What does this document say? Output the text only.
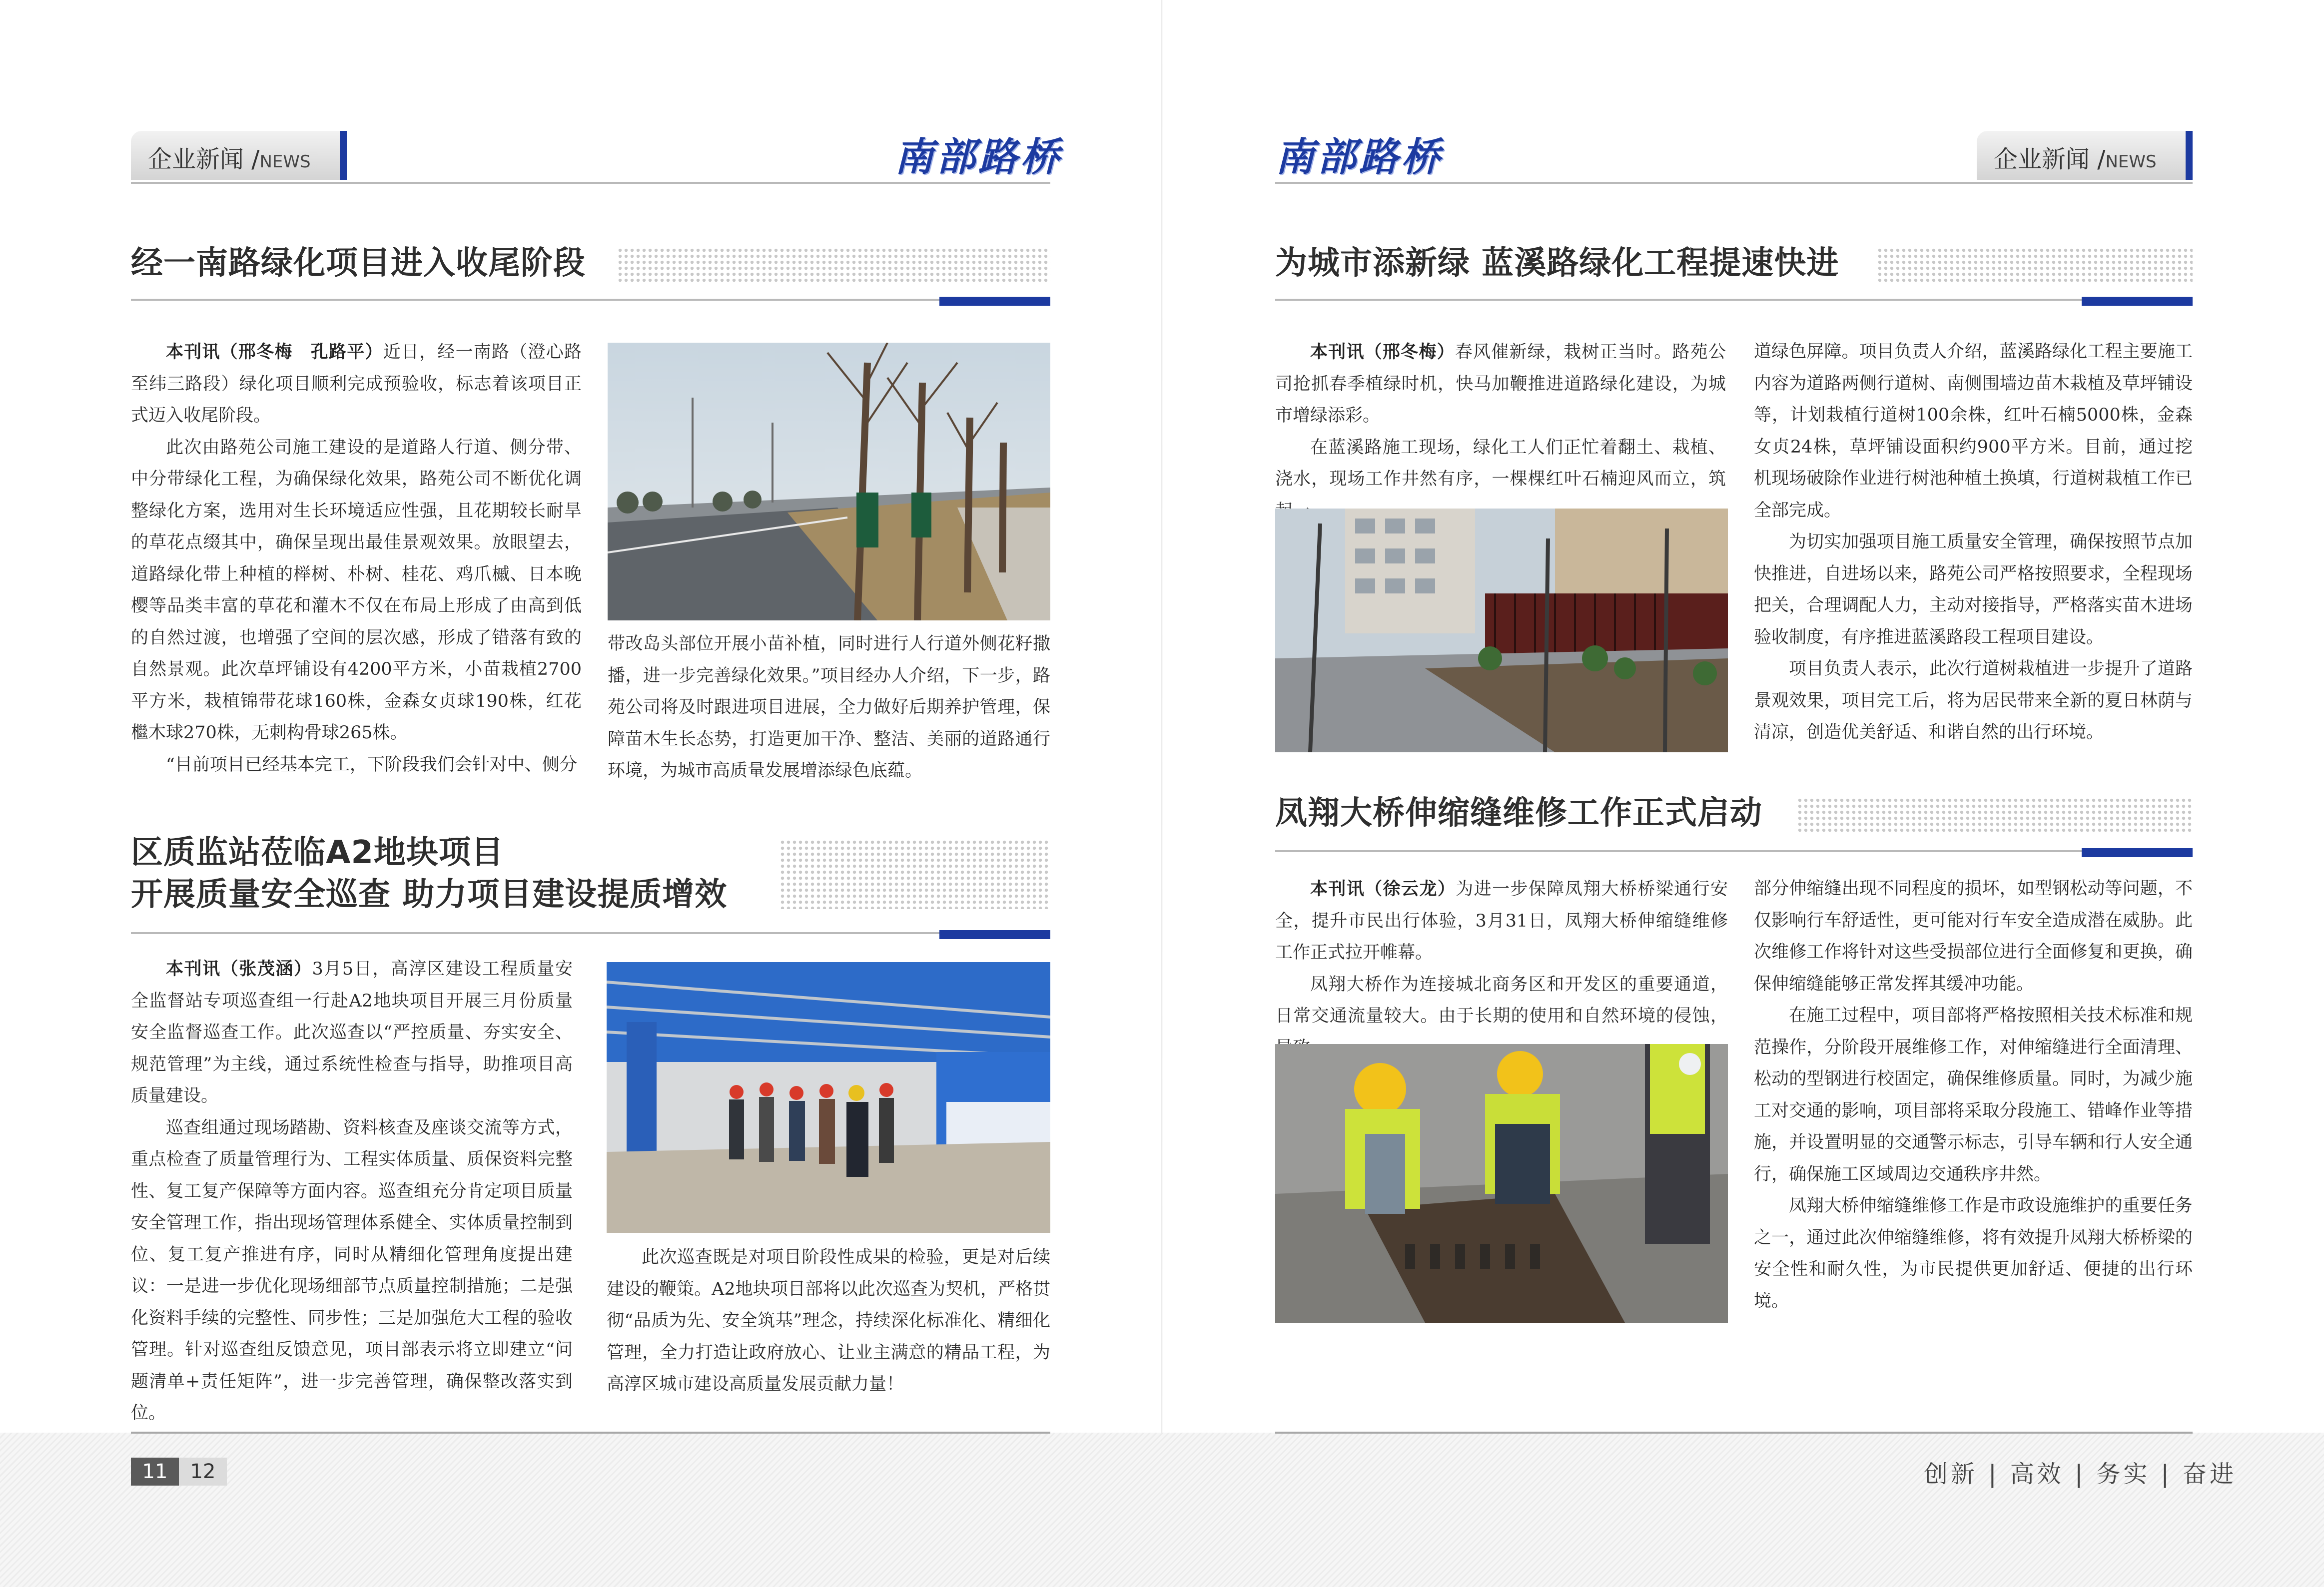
企业新闻 /NEWS	南部路桥
经一南路绿化项目进入收尾阶段

本刊讯（邢冬梅　孔路平）近日，经一南路（澄心路至纬三路段）绿化项目顺利完成预验收，标志着该项目正式迈入收尾阶段。

此次由路苑公司施工建设的是道路人行道、侧分带、中分带绿化工程，为确保绿化效果，路苑公司不断优化调整绿化方案，选用对生长环境适应性强，且花期较长耐旱的草花点缀其中，确保呈现出最佳景观效果。放眼望去，道路绿化带上种植的榉树、朴树、桂花、鸡爪槭、日本晚樱等品类丰富的草花和灌木不仅在布局上形成了由高到低的自然过渡，也增强了空间的层次感，形成了错落有致的自然景观。此次草坪铺设有4200平方米，小苗栽植2700平方米，栽植锦带花球160株，金森女贞球190株，红花檵木球270株，无刺构骨球265株。

“目前项目已经基本完工，下阶段我们会针对中、侧分

带改岛头部位开展小苗补植，同时进行人行道外侧花籽撒播，进一步完善绿化效果。”项目经办人介绍，下一步，路苑公司将及时跟进项目进展，全力做好后期养护管理，保障苗木生长态势，打造更加干净、整洁、美丽的道路通行环境，为城市高质量发展增添绿色底蕴。

区质监站莅临A2地块项目
开展质量安全巡查 助力项目建设提质增效

本刊讯（张茂涵）3月5日，高淳区建设工程质量安全监督站专项巡查组一行赴A2地块项目开展三月份质量安全监督巡查工作。此次巡查以“严控质量、夯实安全、规范管理”为主线，通过系统性检查与指导，助推项目高质量建设。

巡查组通过现场踏勘、资料核查及座谈交流等方式，重点检查了质量管理行为、工程实体质量、质保资料完整性、复工复产保障等方面内容。巡查组充分肯定项目质量安全管理工作，指出现场管理体系健全、实体质量控制到位、复工复产推进有序，同时从精细化管理角度提出建议：一是进一步优化现场细部节点质量控制措施；二是强化资料手续的完整性、同步性；三是加强危大工程的验收管理。针对巡查组反馈意见，项目部表示将立即建立“问题清单+责任矩阵”，进一步完善管理，确保整改落实到位。

此次巡查既是对项目阶段性成果的检验，更是对后续建设的鞭策。A2地块项目部将以此次巡查为契机，严格贯彻“品质为先、安全筑基”理念，持续深化标准化、精细化管理，全力打造让政府放心、让业主满意的精品工程，为高淳区城市建设高质量发展贡献力量！

南部路桥	企业新闻 /NEWS
为城市添新绿 蓝溪路绿化工程提速快进

本刊讯（邢冬梅）春风催新绿，栽树正当时。路苑公司抢抓春季植绿时机，快马加鞭推进道路绿化建设，为城市增绿添彩。

在蓝溪路施工现场，绿化工人们正忙着翻土、栽植、浇水，现场工作井然有序，一棵棵红叶石楠迎风而立，筑

道绿色屏障。项目负责人介绍，蓝溪路绿化工程主要施工内容为道路两侧行道树、南侧围墙边苗木栽植及草坪铺设等，计划栽植行道树100余株，红叶石楠5000株，金森女贞24株，草坪铺设面积约900平方米。目前，通过挖机现场破除作业进行树池种植土换填，行道树栽植工作已全部完成。

为切实加强项目施工质量安全管理，确保按照节点加快推进，自进场以来，路苑公司严格按照要求，全程现场把关，合理调配人力，主动对接指导，严格落实苗木进场验收制度，有序推进蓝溪路段工程项目建设。

项目负责人表示，此次行道树栽植进一步提升了道路景观效果，项目完工后，将为居民带来全新的夏日林荫与清凉，创造优美舒适、和谐自然的出行环境。

凤翔大桥伸缩缝维修工作正式启动

本刊讯（徐云龙）为进一步保障凤翔大桥桥梁通行安全，提升市民出行体验，3月31日，凤翔大桥伸缩缝维修工作正式拉开帷幕。

凤翔大桥作为连接城北商务区和开发区的重要通道，日常交通流量较大。由于长期的使用和自然环境的侵蚀，

部分伸缩缝出现不同程度的损坏，如型钢松动等问题，不仅影响行车舒适性，更可能对行车安全造成潜在威胁。此次维修工作将针对这些受损部位进行全面修复和更换，确保伸缩缝能够正常发挥其缓冲功能。

在施工过程中，项目部将严格按照相关技术标准和规范操作，分阶段开展维修工作，对伸缩缝进行全面清理、松动的型钢进行校固定，确保维修质量。同时，为减少施工对交通的影响，项目部将采取分段施工、错峰作业等措施，并设置明显的交通警示标志，引导车辆和行人安全通行，确保施工区域周边交通秩序井然。

凤翔大桥伸缩缝维修工作是市政设施维护的重要任务之一，通过此次伸缩缝维修，将有效提升凤翔大桥桥梁的安全性和耐久性，为市民提供更加舒适、便捷的出行环境。

11	12	创新 | 高效 | 务实 | 奋进
